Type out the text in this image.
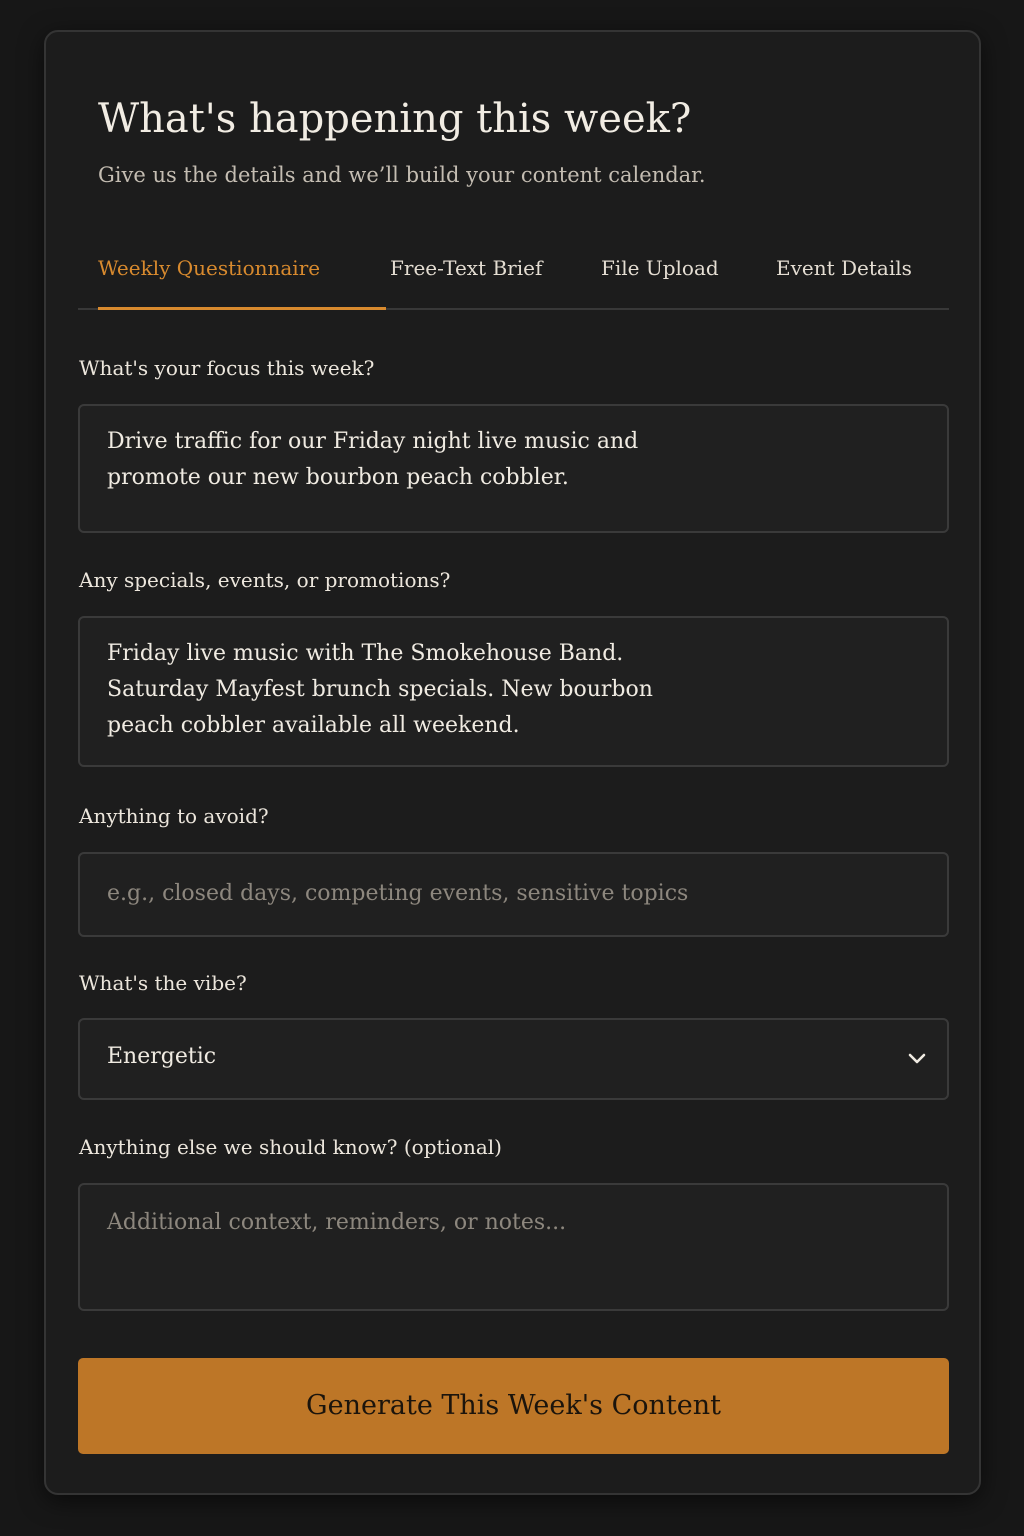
What's happening this week?
Give us the details and we’ll build your content calendar.
Weekly Questionnaire	Free-Text Brief	File Upload	Event Details
What's your focus this week?
Drive traffic for our Friday night live music and promote our new bourbon peach cobbler.
Any specials, events, or promotions?
Friday live music with The Smokehouse Band. Saturday Mayfest brunch specials. New bourbon peach cobbler available all weekend.
Anything to avoid?
e.g., closed days, competing events, sensitive topics
What's the vibe?
Energetic
Anything else we should know? (optional)
Additional context, reminders, or notes...
Generate This Week's Content
